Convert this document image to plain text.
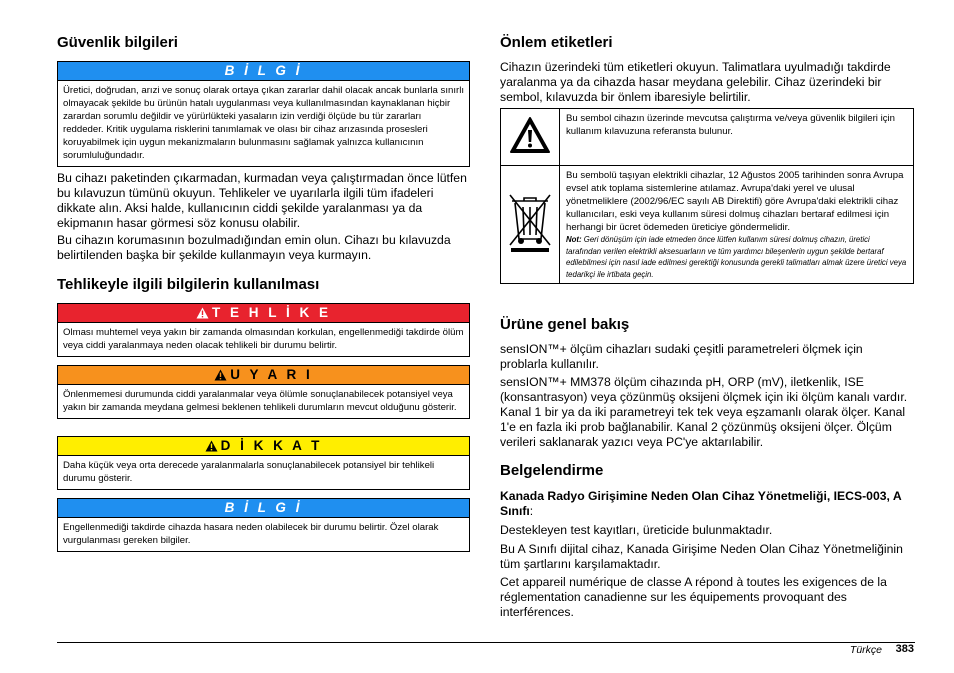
Güvenlik bilgileri
B İ L G İ
Üretici, doğrudan, arızi ve sonuç olarak ortaya çıkan zararlar dahil olacak ancak bunlarla sınırlı olmayacak şekilde bu ürünün hatalı uygulanması veya kullanılmasından kaynaklanan hiçbir zarardan sorumlu değildir ve yürürlükteki yasaların izin verdiği ölçüde bu tür zararları reddeder. Kritik uygulama risklerini tanımlamak ve olası bir cihaz arızasında prosesleri koruyabilmek için uygun mekanizmaların bulunmasını sağlamak yalnızca kullanıcının sorumluluğundadır.

Bu cihazı paketinden çıkarmadan, kurmadan veya çalıştırmadan önce lütfen bu kılavuzun tümünü okuyun. Tehlikeler ve uyarılarla ilgili tüm ifadeleri dikkate alın. Aksi halde, kullanıcının ciddi şekilde yaralanması ya da ekipmanın hasar görmesi söz konusu olabilir.

Bu cihazın korumasının bozulmadığından emin olun. Cihazı bu kılavuzda belirtilenden başka bir şekilde kullanmayın veya kurmayın.

Tehlikeyle ilgili bilgilerin kullanılması
T E H L İ K E
Olması muhtemel veya yakın bir zamanda olmasından korkulan, engellenmediği takdirde ölüm veya ciddi yaralanmaya neden olacak tehlikeli bir durumu belirtir.
U Y A R I
Önlenmemesi durumunda ciddi yaralanmalar veya ölümle sonuçlanabilecek potansiyel veya yakın bir zamanda meydana gelmesi beklenen tehlikeli durumların mevcut olduğunu gösterir.
D İ K K A T
Daha küçük veya orta derecede yaralanmalarla sonuçlanabilecek potansiyel bir tehlikeli durumu gösterir.
B İ L G İ
Engellenmediği takdirde cihazda hasara neden olabilecek bir durumu belirtir. Özel olarak vurgulanması gereken bilgiler.
Önlem etiketleri

Cihazın üzerindeki tüm etiketleri okuyun. Talimatlara uyulmadığı takdirde yaralanma ya da cihazda hasar meydana gelebilir. Cihaz üzerindeki bir sembol, kılavuzda bir önlem ibaresiyle belirtilir.

	Bu sembol cihazın üzerinde mevcutsa çalıştırma ve/veya güvenlik bilgileri için kullanım kılavuzuna referansta bulunur.
	Bu sembolü taşıyan elektrikli cihazlar, 12 Ağustos 2005 tarihinden sonra Avrupa evsel atık toplama sistemlerine atılamaz. Avrupa'daki yerel ve ulusal yönetmeliklere (2002/96/EC sayılı AB Direktifi) göre Avrupa'daki elektrikli cihaz kullanıcıları, eski veya kullanım süresi dolmuş cihazları bertaraf edilmesi için herhangi bir ücret ödemeden üreticiye göndermelidir.
Not: Geri dönüşüm için iade etmeden önce lütfen kullanım süresi dolmuş cihazın, üretici tarafından verilen elektrikli aksesuarların ve tüm yardımcı bileşenlerin uygun şekilde bertaraf edilebilmesi için nasıl iade edilmesi gerektiği konusunda gerekli talimatları almak üzere üretici veya tedarikçi ile irtibata geçin.
Ürüne genel bakış

sensION™+ ölçüm cihazları sudaki çeşitli parametreleri ölçmek için problarla kullanılır.

sensION™+ MM378 ölçüm cihazında pH, ORP (mV), iletkenlik, ISE (konsantrasyon) veya çözünmüş oksijeni ölçmek için iki ölçüm kanalı vardır. Kanal 1 bir ya da iki parametreyi tek tek veya eşzamanlı olarak ölçer. Kanal 1'e en fazla iki prob bağlanabilir. Kanal 2 çözünmüş oksijeni ölçer. Ölçüm verileri saklanarak yazıcı veya PC'ye aktarılabilir.

Belgelendirme
Kanada Radyo Girişimine Neden Olan Cihaz Yönetmeliği, IECS-003, A Sınıfı:

Destekleyen test kayıtları, üreticide bulunmaktadır.

Bu A Sınıfı dijital cihaz, Kanada Girişime Neden Olan Cihaz Yönetmeliğinin tüm şartlarını karşılamaktadır.

Cet appareil numérique de classe A répond à toutes les exigences de la réglementation canadienne sur les équipements provoquant des interférences.

Türkçe 383
